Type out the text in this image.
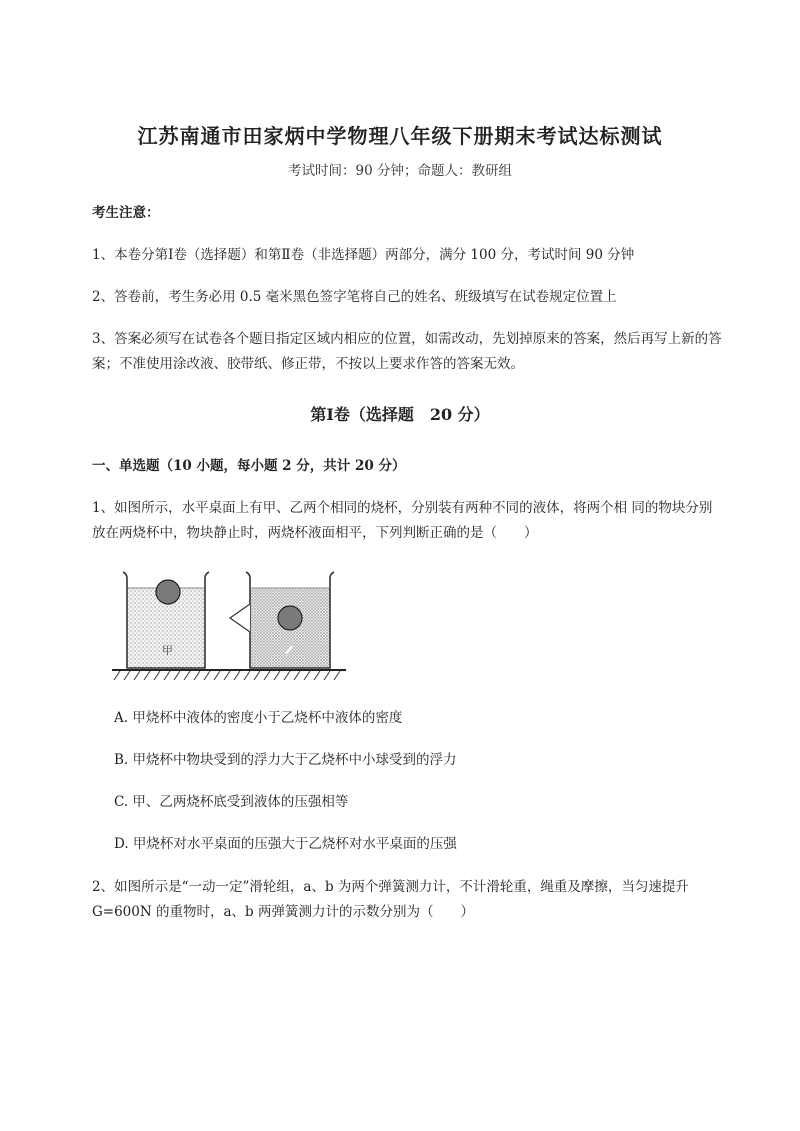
江苏南通市田家炳中学物理八年级下册期末考试达标测试
考试时间：90 分钟；命题人：教研组
考生注意：
1、本卷分第Ⅰ卷（选择题）和第Ⅱ卷（非选择题）两部分，满分 100 分，考试时间 90 分钟
2、答卷前，考生务必用 0.5 毫米黑色签字笔将自己的姓名、班级填写在试卷规定位置上
3、答案必须写在试卷各个题目指定区域内相应的位置，如需改动，先划掉原来的答案，然后再写上新的答案；不准使用涂改液、胶带纸、修正带，不按以上要求作答的答案无效。
第Ⅰ卷（选择题　20 分）
一、单选题（10 小题，每小题 2 分，共计 20 分）
1、如图所示，水平桌面上有甲、乙两个相同的烧杯，分别装有两种不同的液体，将两个相 同的物块分别放在两烧杯中，物块静止时，两烧杯液面相平，下列判断正确的是（　　）
甲
A. 甲烧杯中液体的密度小于乙烧杯中液体的密度
B. 甲烧杯中物块受到的浮力大于乙烧杯中小球受到的浮力
C. 甲、乙两烧杯底受到液体的压强相等
D. 甲烧杯对水平桌面的压强大于乙烧杯对水平桌面的压强
2、如图所示是“一动一定”滑轮组，a、b 为两个弹簧测力计，不计滑轮重，绳重及摩擦，当匀速提升 G=600N 的重物时，a、b 两弹簧测力计的示数分别为（　　）
